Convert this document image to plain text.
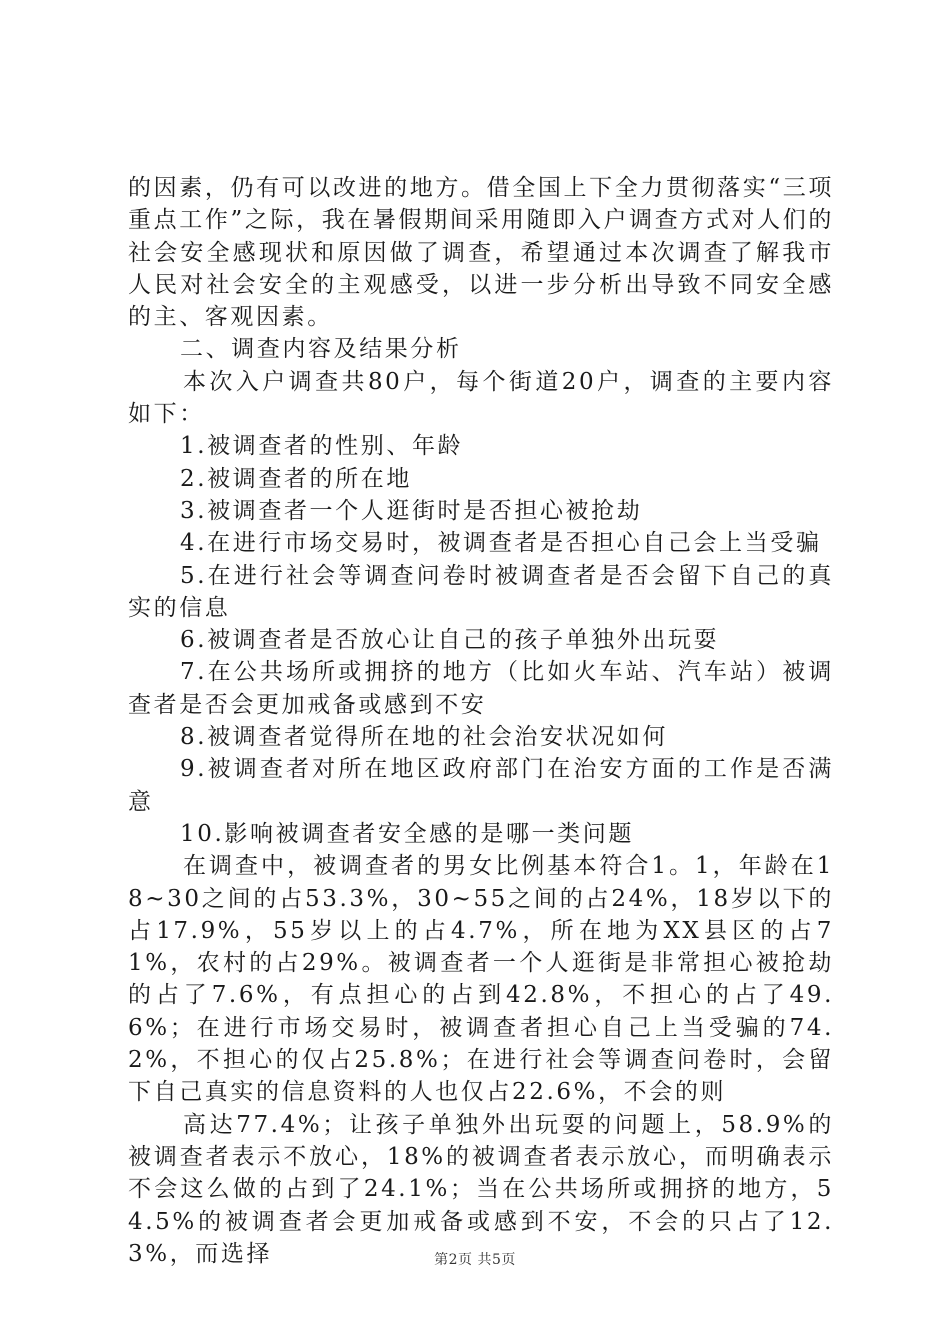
的因素，仍有可以改进的地方。借全国上下全力贯彻落实“三项重点工作”之际，我在暑假期间采用随即入户调查方式对人们的社会安全感现状和原因做了调查，希望通过本次调查了解我市人民对社会安全的主观感受，以进一步分析出导致不同安全感的主、客观因素。

二、调查内容及结果分析

本次入户调查共80户，每个街道20户，调查的主要内容如下：

1.被调查者的性别、年龄

2.被调查者的所在地

3.被调查者一个人逛街时是否担心被抢劫

4.在进行市场交易时，被调查者是否担心自己会上当受骗

5.在进行社会等调查问卷时被调查者是否会留下自己的真实的信息

6.被调查者是否放心让自己的孩子单独外出玩耍

7.在公共场所或拥挤的地方（比如火车站、汽车站）被调查者是否会更加戒备或感到不安

8.被调查者觉得所在地的社会治安状况如何

9.被调查者对所在地区政府部门在治安方面的工作是否满意

10.影响被调查者安全感的是哪一类问题

在调查中，被调查者的男女比例基本符合1。1，年龄在18~30之间的占53.3%，30~55之间的占24%，18岁以下的占17.9%，55岁以上的占4.7%，所在地为XX县区的占71%，农村的占29%。被调查者一个人逛街是非常担心被抢劫的占了7.6%，有点担心的占到42.8%，不担心的占了49.6%；在进行市场交易时，被调查者担心自己上当受骗的74.2%，不担心的仅占25.8%；在进行社会等调查问卷时，会留下自己真实的信息资料的人也仅占22.6%，不会的则

高达77.4%；让孩子单独外出玩耍的问题上，58.9%的被调查者表示不放心，18%的被调查者表示放心，而明确表示不会这么做的占到了24.1%；当在公共场所或拥挤的地方，54.5%的被调查者会更加戒备或感到不安，不会的只占了12.3%，而选择	第2页 共5页
